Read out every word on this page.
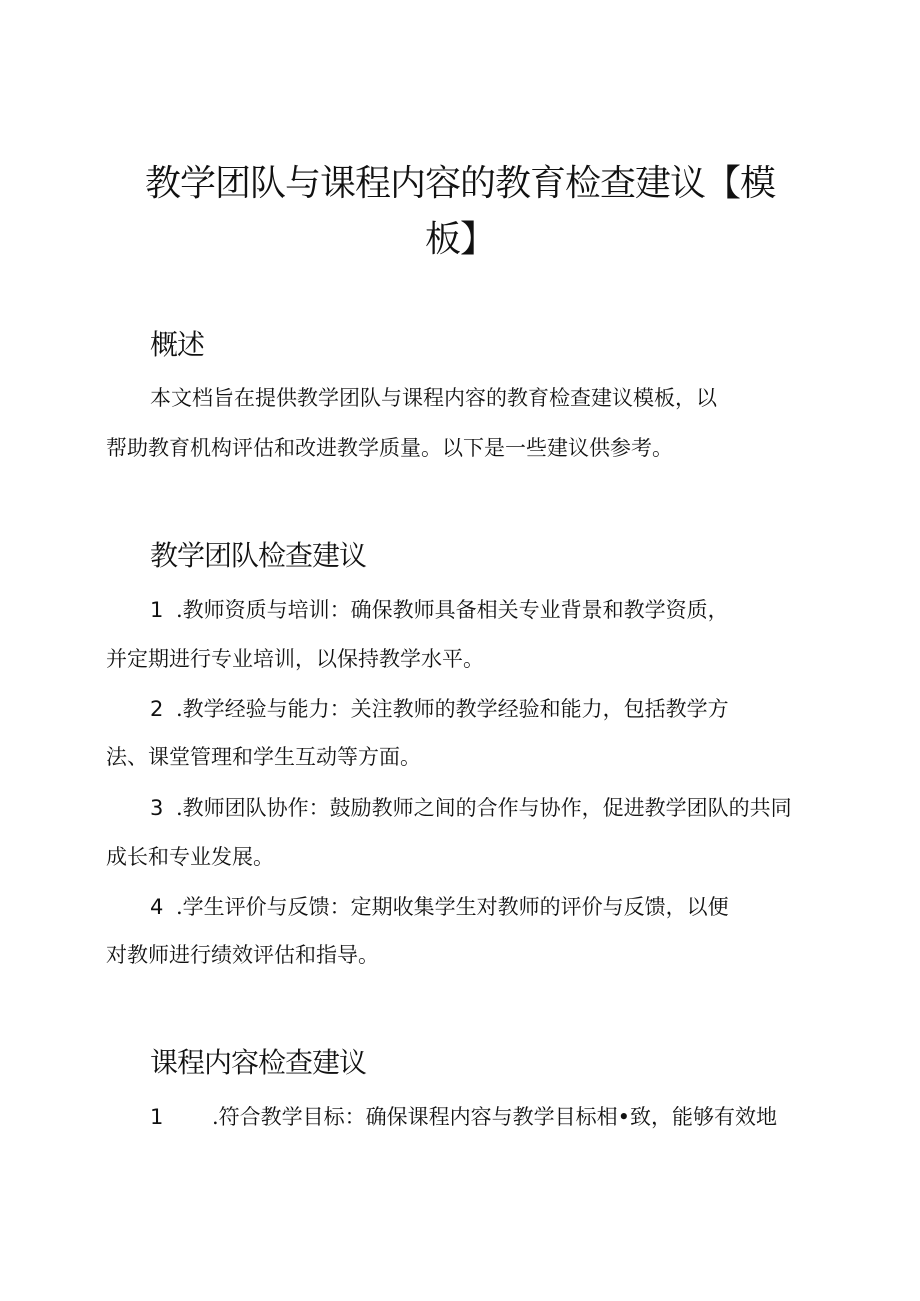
教学团队与课程内容的教育检查建议【模
板】
概述

本文档旨在提供教学团队与课程内容的教育检查建议模板，以

帮助教育机构评估和改进教学质量。以下是一些建议供参考。

教学团队检查建议

1 .教师资质与培训：确保教师具备相关专业背景和教学资质，

并定期进行专业培训，以保持教学水平。

2 .教学经验与能力：关注教师的教学经验和能力，包括教学方

法、课堂管理和学生互动等方面。

3 .教师团队协作：鼓励教师之间的合作与协作，促进教学团队的共同

成长和专业发展。

4 .学生评价与反馈：定期收集学生对教师的评价与反馈，以便

对教师进行绩效评估和指导。

课程内容检查建议

1 .符合教学目标：确保课程内容与教学目标相•致，能够有效地
